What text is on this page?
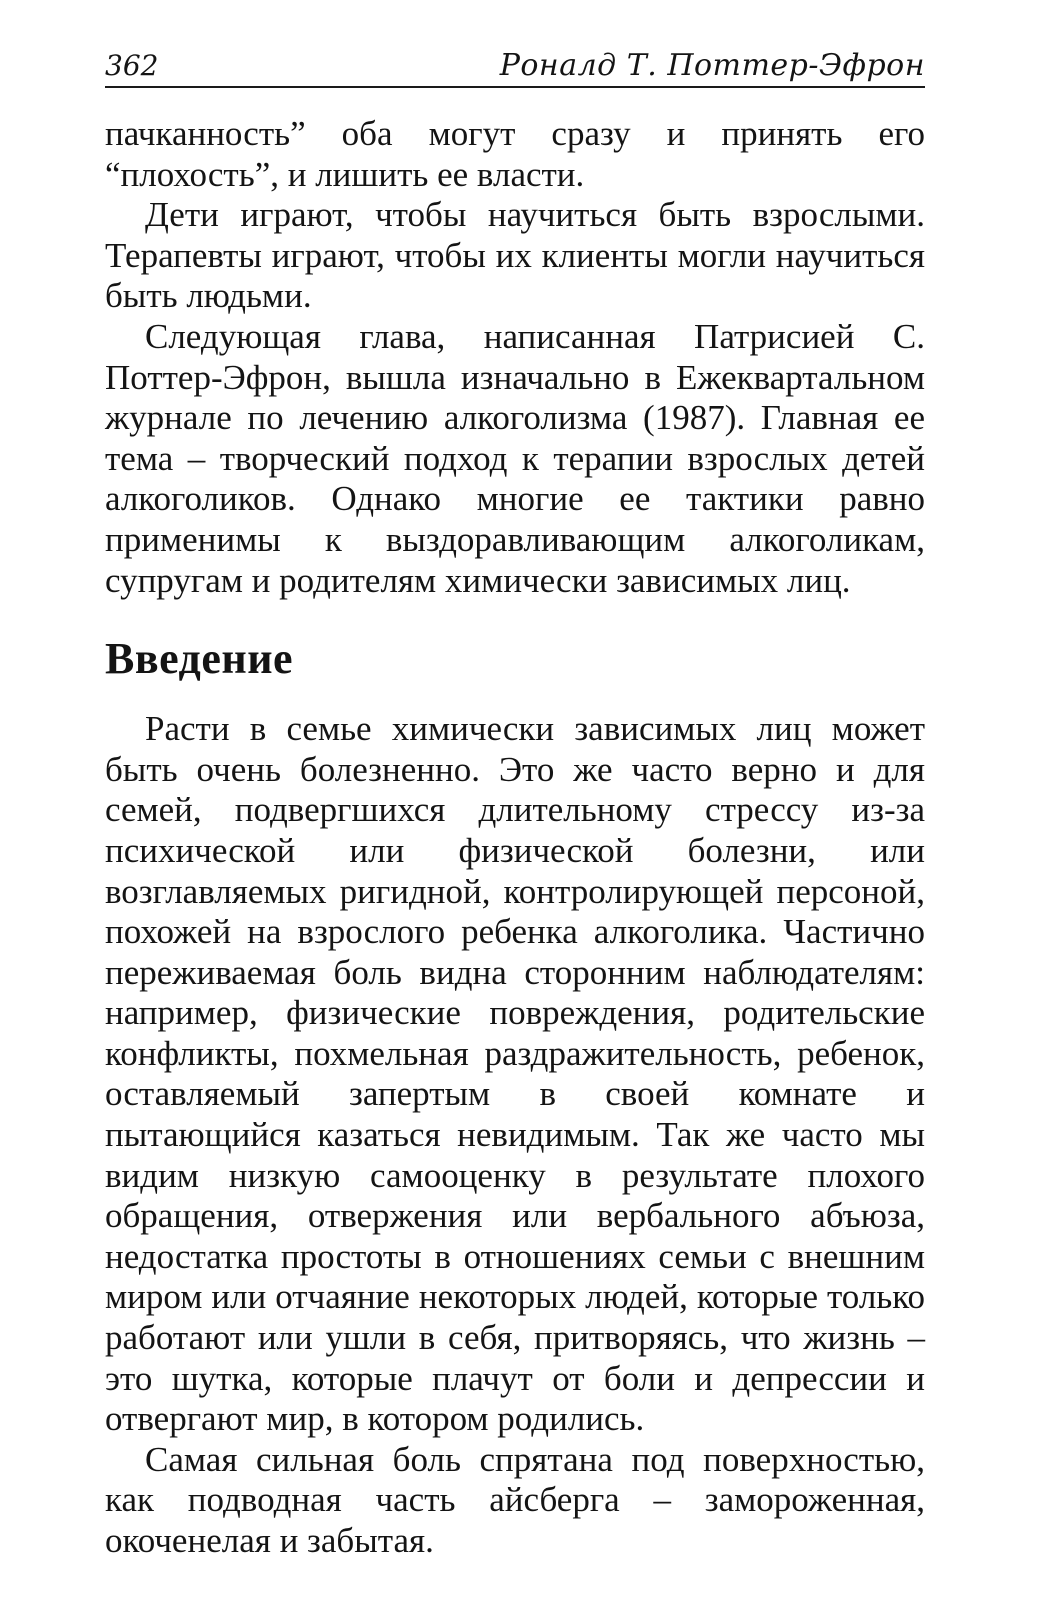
362	Роналд Т. Поттер-Эфрон

пачканность” оба могут сразу и принять его “плохость”, и лишить ее власти.

Дети играют, чтобы научиться быть взрослыми. Терапевты играют, чтобы их клиенты могли научиться быть людьми.

Следующая глава, написанная Патрисией С. Поттер-Эфрон, вышла изначально в Ежеквартальном журнале по лечению алкоголизма (1987). Главная ее тема – творческий подход к терапии взрослых детей алкоголиков. Однако многие ее тактики равно применимы к выздоравливающим алкоголикам, супругам и родителям химически зависимых лиц.

Введение

Расти в семье химически зависимых лиц может быть очень болезненно. Это же часто верно и для семей, подвергшихся длительному стрессу из-за психической или физической болезни, или возглавляемых ригидной, контролирующей персоной, похожей на взрослого ребенка алкоголика. Частично переживаемая боль видна сторонним наблюдателям: например, физические повреждения, родительские конфликты, похмельная раздражительность, ребенок, оставляемый запертым в своей комнате и пытающийся казаться невидимым. Так же часто мы видим низкую самооценку в результате плохого обращения, отвержения или вербального абъюза, недостатка простоты в отношениях семьи с внешним миром или отчаяние некоторых людей, которые только работают или ушли в себя, притворяясь, что жизнь – это шутка, которые плачут от боли и депрессии и отвергают мир, в котором родились.

Самая сильная боль спрятана под поверхностью, как подводная часть айсберга – замороженная, окоченелая и забытая.
